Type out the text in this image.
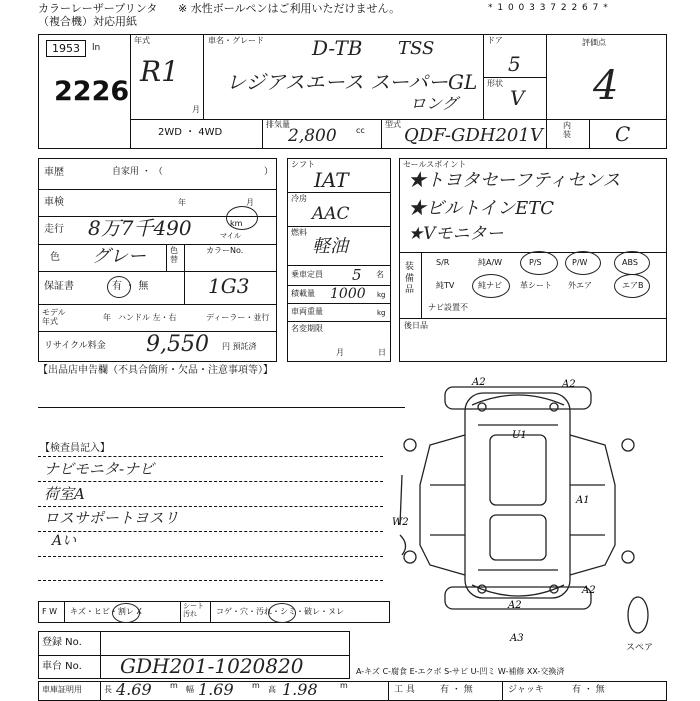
カラーレーザープリンタ
（複合機）対応用紙
※ 水性ボールペンはご利用いただけません。	* 1 0 0 3 3 7 2 2 6 7 *
1953 ln
2226
年式
R1
月
車名・グレード D-TB TSS
レジアスエース スーパーGL
ロング
ドア
5
形状
V
評価点
4
内装 C
2WD ・ 4WD
排気量
2,800 cc
型式
QDF-GDH201V
車歴	自家用 ・ （	）
車検	年	月
走行 8万7千490	km
マイル
色 グレー	色替
カラーNo.
1G3
保証書	有 ・ 無
モデル年式	年 ハンドル 左・右	ディーラー・並行
リサイクル料金 9,550 円 預託済
シフト
IAT
冷房
AAC
燃料
軽油
乗車定員 5 名
積載量 1000 kg
車両重量	kg
名変期限
月	日
セールスポイント
★トヨタセーフティセンス
★ビルトインETC
★Vモニター
装備品
S/R	純A/W	P/S	P/W	ABS
純TV	純ナビ 革シート 外エア	エアB
ナビ設置不
後日品
【出品店申告欄（不具合箇所・欠品・注意事項等）】
【検査員記入】
ナビモニタ-ナビ
荷室A
ロスサポートヨスリ
Aい
A2	A2
U1
A1
W2
A2
A3
A2
スペア
F W キズ・ヒビ・割レ X
シート汚れ	コゲ・穴・汚れ・シミ・破レ・ヌレ
登録 No.
車台 No. GDH201-1020820	A-キズ C-腐食 E-エクボ S-サビ U-凹ミ W-補修 XX-交換済
車庫証明用	長 4.69 m 幅 1.69 m 高 1.98	m	工 具	有 ・ 無	ジャッキ	有 ・ 無
